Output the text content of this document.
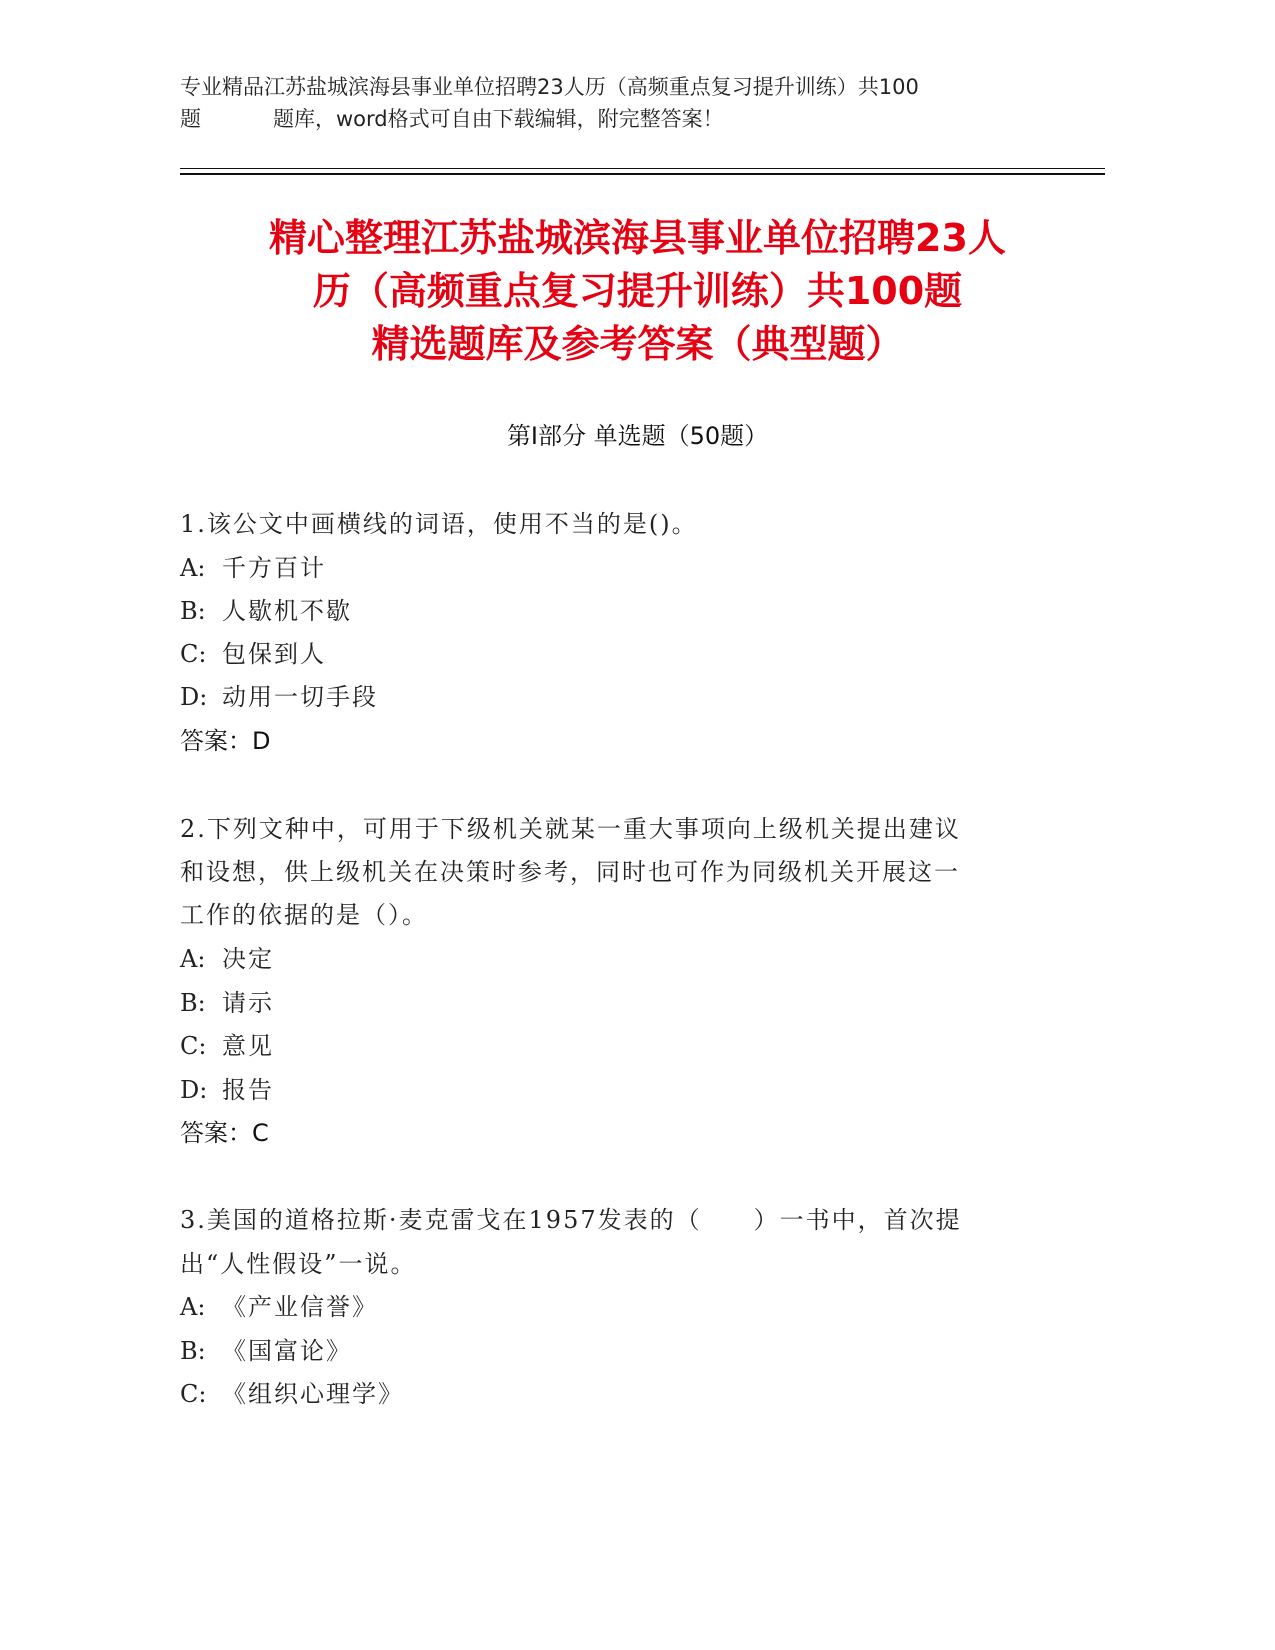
专业精品江苏盐城滨海县事业单位招聘23人历（高频重点复习提升训练）共100
题	题库，word格式可自由下载编辑，附完整答案！
精心整理江苏盐城滨海县事业单位招聘23人
历（高频重点复习提升训练）共100题
精选题库及参考答案（典型题）
第I部分 单选题（50题）
1.该公文中画横线的词语，使用不当的是()。
A: 千方百计
B: 人歇机不歇
C: 包保到人
D: 动用一切手段
答案：D
2.下列文种中，可用于下级机关就某一重大事项向上级机关提出建议
和设想，供上级机关在决策时参考，同时也可作为同级机关开展这一
工作的依据的是（）。
A: 决定
B: 请示
C: 意见
D: 报告
答案：C
3.美国的道格拉斯·麦克雷戈在1957发表的（　　）一书中，首次提
出“人性假设”一说。
A: 《产业信誉》
B: 《国富论》
C: 《组织心理学》
